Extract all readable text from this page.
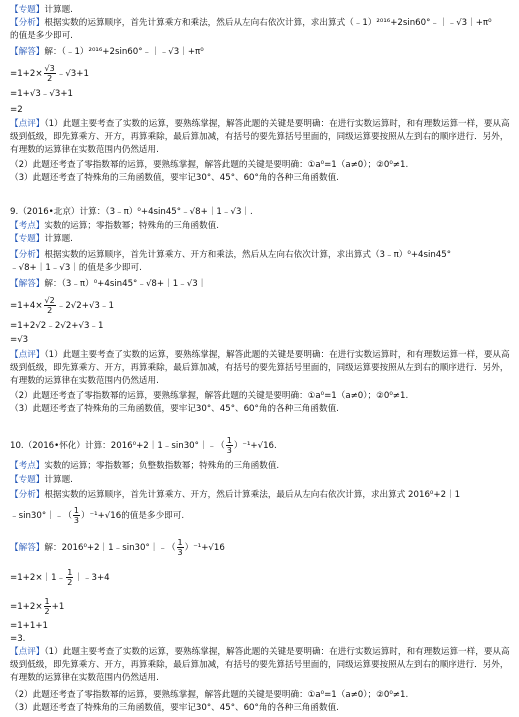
【专题】计算题.
【分析】根据实数的运算顺序，首先计算乘方和乘法，然后从左向右依次计算，求出算式（﹣1）²⁰¹⁶+2sin60°﹣｜﹣√3｜+π⁰
的值是多少即可.
【解答】解：（﹣1）²⁰¹⁶+2sin60°﹣｜﹣√3｜+π⁰
$=1+2\times \frac{√3}{2}$ ﹣√3+1
=1+√3﹣√3+1
=2
【点评】（1）此题主要考查了实数的运算，要熟练掌握，解答此题的关键是要明确：在进行实数运算时，和有理数运算一样，要从高级到低级，即先算乘方、开方，再算乘除，最后算加减，有括号的要先算括号里面的，同级运算要按照从左到右的顺序进行．另外，有理数的运算律在实数范围内仍然适用.
（2）此题还考查了零指数幂的运算，要熟练掌握，解答此题的关键是要明确：①a⁰=1（a≠0）；②0⁰≠1.
（3）此题还考查了特殊角的三角函数值，要牢记30°、45°、60°角的各种三角函数值.
9.（2016•北京）计算：（3﹣π）⁰+4sin45°﹣√8+｜1﹣√3｜.
【考点】实数的运算；零指数幂；特殊角的三角函数值.
【专题】计算题.
【分析】根据实数的运算顺序，首先计算乘方、开方和乘法，然后从左向右依次计算，求出算式（3﹣π）⁰+4sin45°
﹣√8+｜1﹣√3｜的值是多少即可.
【解答】解：（3﹣π）⁰+4sin45°﹣√8+｜1﹣√3｜
$=1+4\times \frac{√2}{2}$ ﹣2√2+√3﹣1
=1+2√2﹣2√2+√3﹣1
=√3
【点评】（1）此题主要考查了实数的运算，要熟练掌握，解答此题的关键是要明确：在进行实数运算时，和有理数运算一样，要从高级到低级，即先算乘方、开方，再算乘除，最后算加减，有括号的要先算括号里面的，同级运算要按照从左到右的顺序进行．另外，有理数的运算律在实数范围内仍然适用.
（2）此题还考查了零指数幂的运算，要熟练掌握，解答此题的关键是要明确：①a⁰=1（a≠0）；②0⁰≠1.
（3）此题还考查了特殊角的三角函数值，要牢记30°、45°、60°角的各种三角函数值.
10.（2016•怀化）计算：2016⁰+2｜1﹣sin30°｜﹣（ $\frac{1}{3} )^{-1}+√16$.
【考点】实数的运算；零指数幂；负整数指数幂；特殊角的三角函数值.
【专题】计算题.
【分析】根据实数的运算顺序，首先计算乘方、开方，然后计算乘法，最后从左向右依次计算，求出算式 2016⁰+2｜1
﹣sin30°｜﹣（ $\frac{1}{3} )^{-1}+√16$的值是多少即可.
【解答】解：2016⁰+2｜1﹣sin30°｜﹣（ $\frac{1}{3} )^{-1}+√16$
=1+2×｜1﹣ $\frac{1}{2}$ ｜﹣3+4
$=1+2\times \frac{1}{2} +1$
=1+1+1
=3.
【点评】（1）此题主要考查了实数的运算，要熟练掌握，解答此题的关键是要明确：在进行实数运算时，和有理数运算一样，要从高级到低级，即先算乘方、开方，再算乘除，最后算加减，有括号的要先算括号里面的，同级运算要按照从左到右的顺序进行．另外，有理数的运算律在实数范围内仍然适用.
（2）此题还考查了零指数幂的运算，要熟练掌握，解答此题的关键是要明确：①a⁰=1（a≠0）；②0⁰≠1.
（3）此题还考查了特殊角的三角函数值，要牢记30°、45°、60°角的各种三角函数值.
